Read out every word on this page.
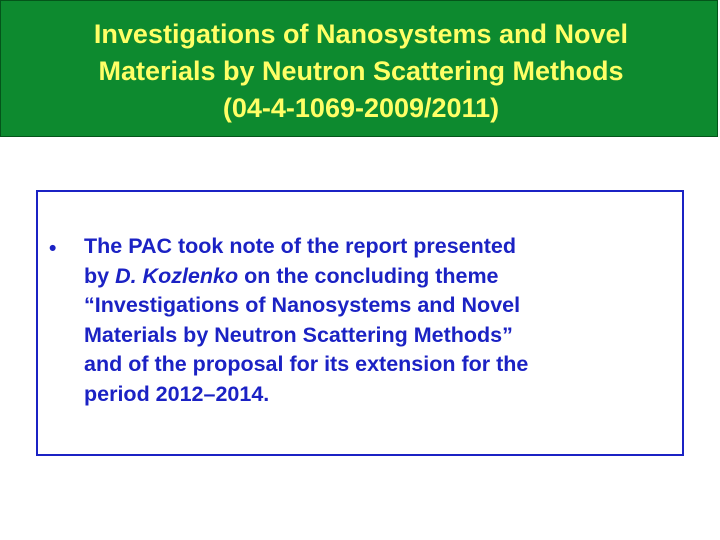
Investigations of Nanosystems and Novel
Materials by Neutron Scattering Methods
(04-4-1069-2009/2011)
• The PAC took note of the report presented
by D. Kozlenko on the concluding theme
“Investigations of Nanosystems and Novel
Materials by Neutron Scattering Methods”
and of the proposal for its extension for the
period 2012–2014.
